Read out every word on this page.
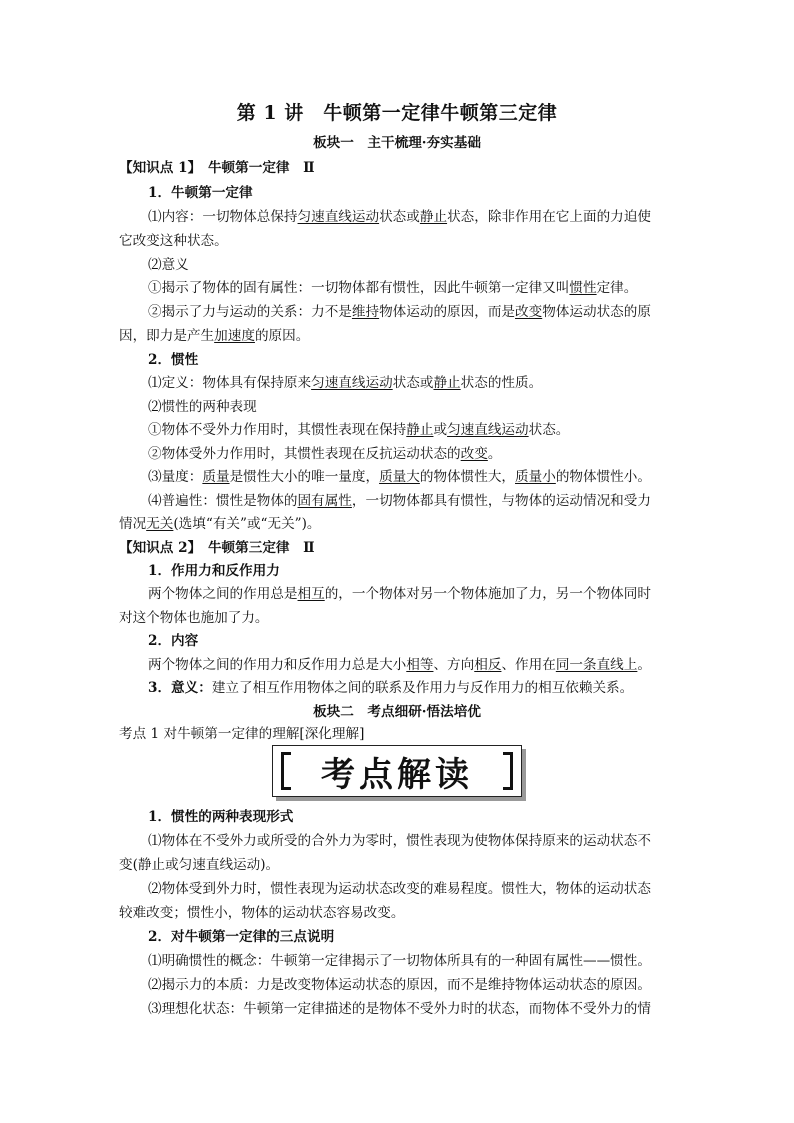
第 1 讲　牛顿第一定律牛顿第三定律
板块一　主干梳理·夯实基础
【知识点 1】　牛顿第一定律　Ⅱ
1．牛顿第一定律
⑴内容：一切物体总保持匀速直线运动状态或静止状态，除非作用在它上面的力迫使
它改变这种状态。
⑵意义
①揭示了物体的固有属性：一切物体都有惯性，因此牛顿第一定律又叫惯性定律。
②揭示了力与运动的关系：力不是维持物体运动的原因，而是改变物体运动状态的原
因，即力是产生加速度的原因。
2．惯性
⑴定义：物体具有保持原来匀速直线运动状态或静止状态的性质。
⑵惯性的两种表现
①物体不受外力作用时，其惯性表现在保持静止或匀速直线运动状态。
②物体受外力作用时，其惯性表现在反抗运动状态的改变。
⑶量度：质量是惯性大小的唯一量度，质量大的物体惯性大，质量小的物体惯性小。
⑷普遍性：惯性是物体的固有属性，一切物体都具有惯性，与物体的运动情况和受力
情况无关(选填“有关”或“无关”)。
【知识点 2】　牛顿第三定律　Ⅱ
1．作用力和反作用力
两个物体之间的作用总是相互的，一个物体对另一个物体施加了力，另一个物体同时
对这个物体也施加了力。
2．内容
两个物体之间的作用力和反作用力总是大小相等、方向相反、作用在同一条直线上。
3．意义：建立了相互作用物体之间的联系及作用力与反作用力的相互依赖关系。
板块二　考点细研·悟法培优
考点 1 对牛顿第一定律的理解[深化理解]
考点解读
1．惯性的两种表现形式
⑴物体在不受外力或所受的合外力为零时，惯性表现为使物体保持原来的运动状态不
变(静止或匀速直线运动)。
⑵物体受到外力时，惯性表现为运动状态改变的难易程度。惯性大，物体的运动状态
较难改变；惯性小，物体的运动状态容易改变。
2．对牛顿第一定律的三点说明
⑴明确惯性的概念：牛顿第一定律揭示了一切物体所具有的一种固有属性——惯性。
⑵揭示力的本质：力是改变物体运动状态的原因，而不是维持物体运动状态的原因。
⑶理想化状态：牛顿第一定律描述的是物体不受外力时的状态，而物体不受外力的情
